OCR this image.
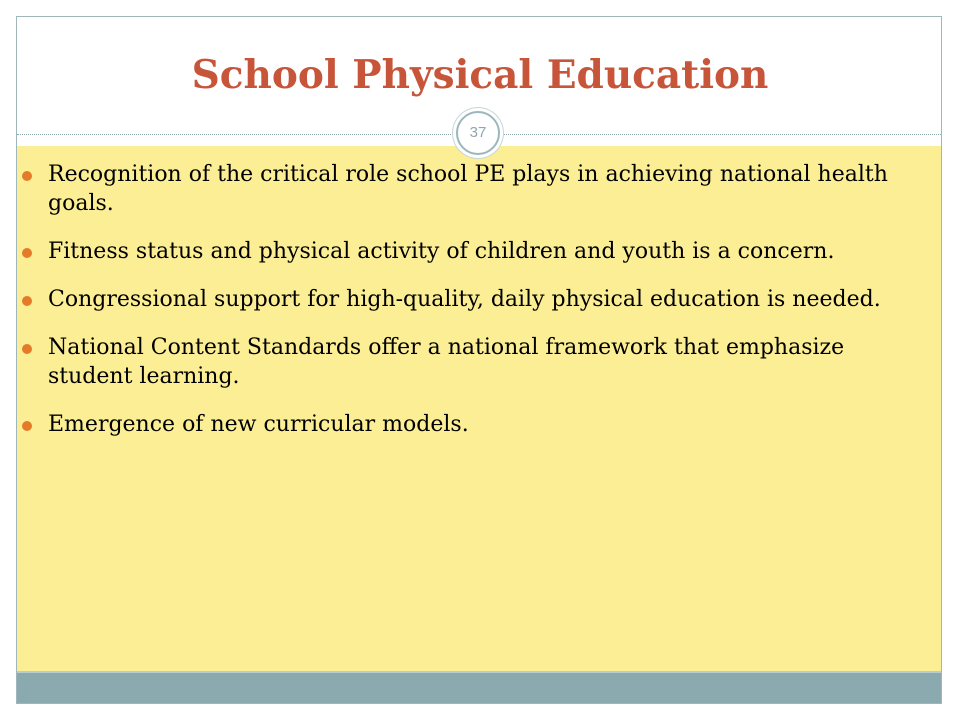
School Physical Education
37
Recognition of the critical role school PE plays in achieving national health goals.
Fitness status and physical activity of children and youth is a concern.
Congressional support for high-quality, daily physical education is needed.
National Content Standards offer a national framework that emphasize student learning.
Emergence of new curricular models.
